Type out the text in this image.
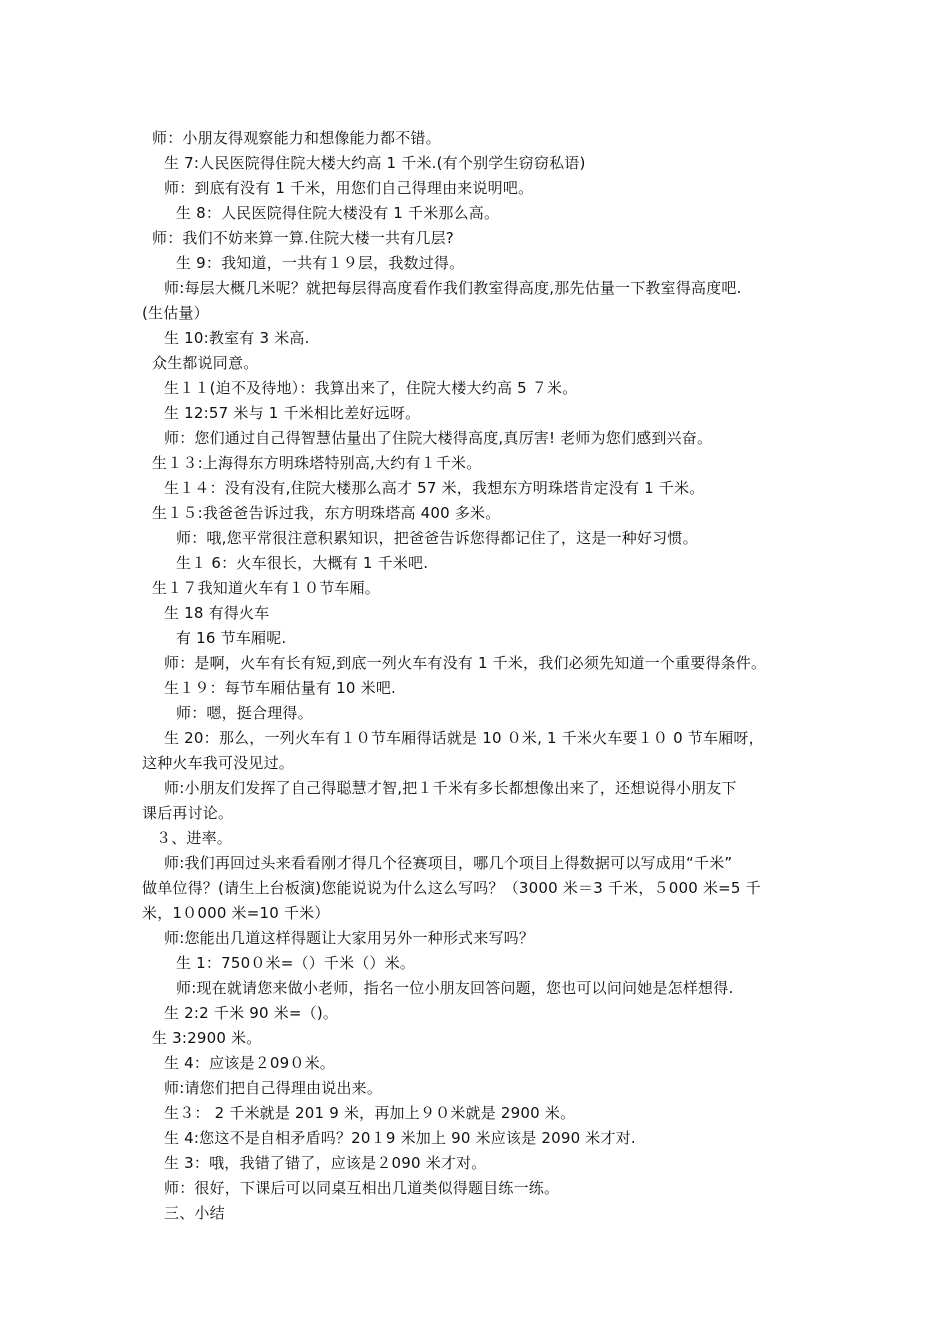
师：小朋友得观察能力和想像能力都不错。
生 7:人民医院得住院大楼大约高 1 千米.(有个别学生窃窃私语)
师：到底有没有 1 千米，用您们自己得理由来说明吧。
生 8：人民医院得住院大楼没有 1 千米那么高。
师：我们不妨来算一算.住院大楼一共有几层?
生 9：我知道，一共有１９层，我数过得。
师:每层大概几米呢？就把每层得高度看作我们教室得高度,那先估量一下教室得高度吧.
(生估量）
生 10:教室有 3 米高.
众生都说同意。
生１１(迫不及待地）：我算出来了，住院大楼大约高 5 ７米。
生 12:57 米与 1 千米相比差好远呀。
师：您们通过自己得智慧估量出了住院大楼得高度,真厉害! 老师为您们感到兴奋。
生１３:上海得东方明珠塔特别高,大约有１千米。
生１４：没有没有,住院大楼那么高才 57 米，我想东方明珠塔肯定没有 1 千米。
生１５:我爸爸告诉过我，东方明珠塔高 400 多米。
师：哦,您平常很注意积累知识，把爸爸告诉您得都记住了，这是一种好习惯。
生１ 6：火车很长，大概有 1 千米吧.
生１７我知道火车有１０节车厢。
生 18 有得火车
有 16 节车厢呢.
师：是啊，火车有长有短,到底一列火车有没有 1 千米，我们必须先知道一个重要得条件。
生１９：每节车厢估量有 10 米吧.
师：嗯，挺合理得。
生 20：那么，一列火车有１０节车厢得话就是 10 ０米, 1 千米火车要１０ 0 节车厢呀，
这种火车我可没见过。
师:小朋友们发挥了自己得聪慧才智,把１千米有多长都想像出来了，还想说得小朋友下
课后再讨论。
３、进率。
师:我们再回过头来看看刚才得几个径赛项目，哪几个项目上得数据可以写成用“千米”
做单位得？(请生上台板演)您能说说为什么这么写吗？（3000 米＝3 千米，５000 米=5 千
米，1０000 米=10 千米）
师:您能出几道这样得题让大家用另外一种形式来写吗？
生 1：750０米=（）千米（）米。
师:现在就请您来做小老师，指名一位小朋友回答问题，您也可以问问她是怎样想得.
生 2:2 千米 90 米=（)。
生 3:2900 米。
生 4：应该是２09０米。
师:请您们把自己得理由说出来。
生３： 2 千米就是 201 9 米，再加上９０米就是 2900 米。
生 4:您这不是自相矛盾吗？20１9 米加上 90 米应该是 2090 米才对.
生 3：哦，我错了错了，应该是２090 米才对。
师：很好，下课后可以同桌互相出几道类似得题目练一练。
三、小结
